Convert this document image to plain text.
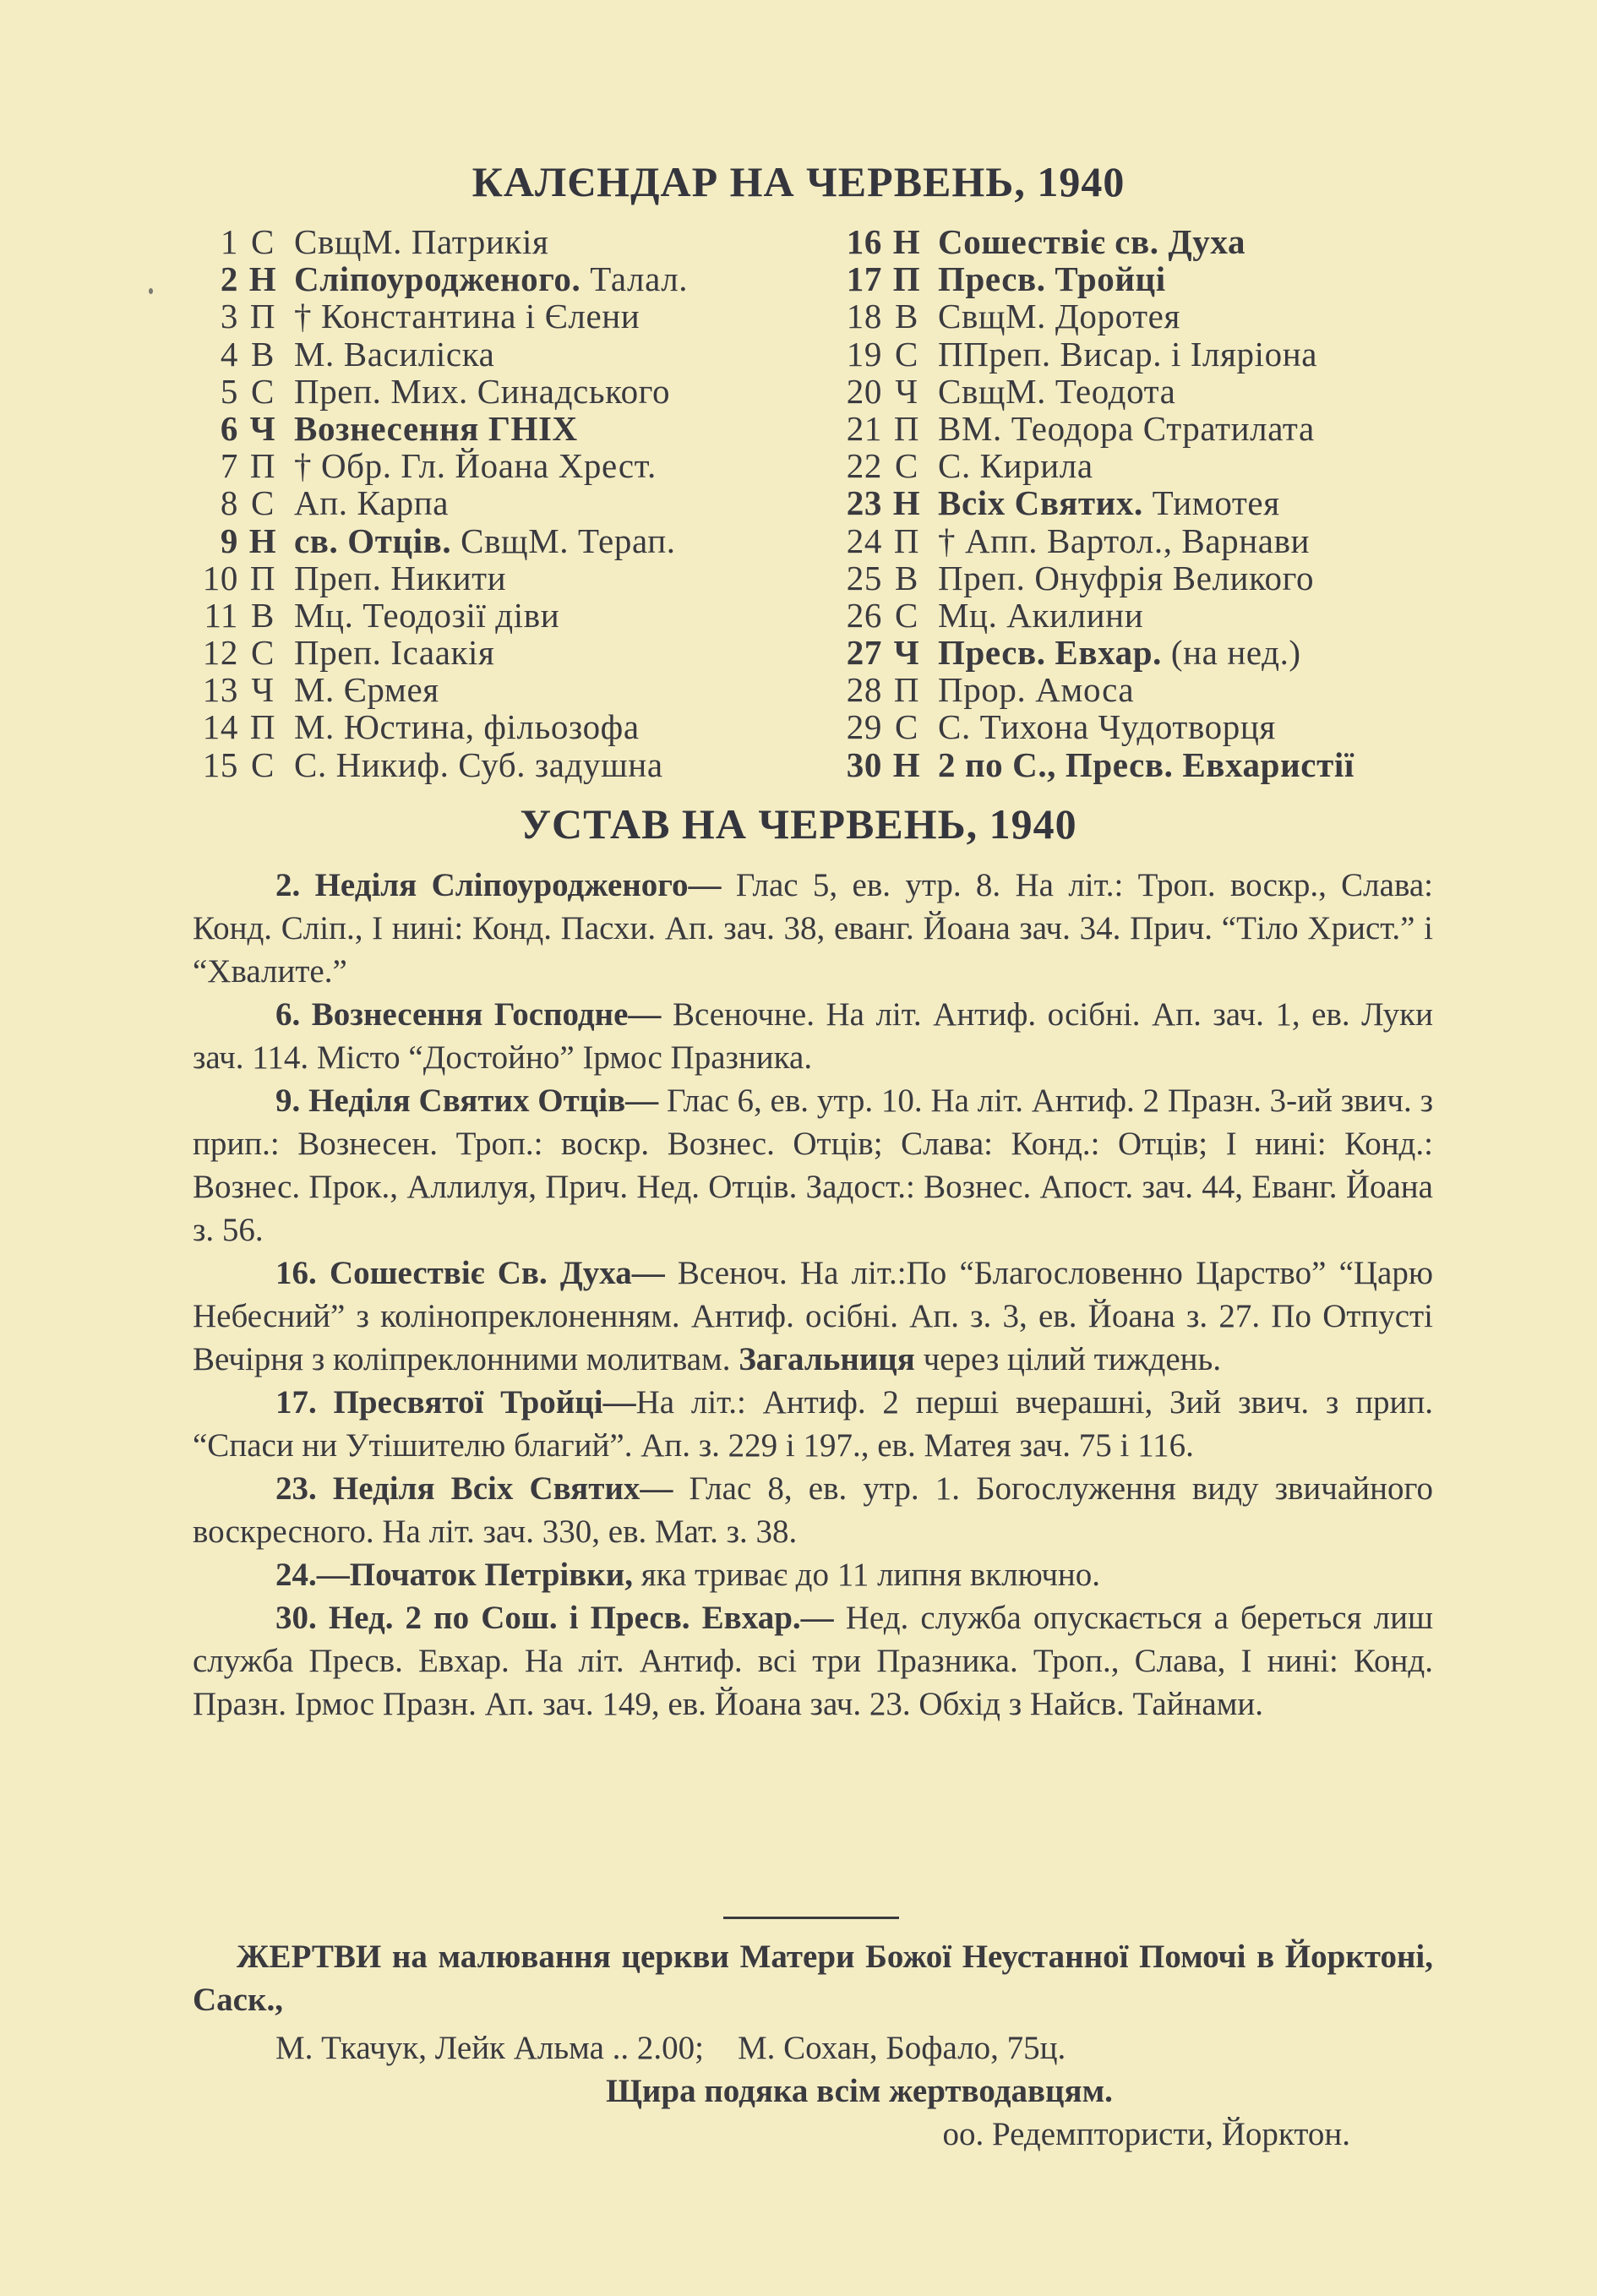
КАЛЄНДАР НА ЧЕРВЕНЬ, 1940
1 С СвщМ. Патрикія
2 Н Сліпоуродженого. Талал.
3 П † Константина і Єлени
4 В М. Василіска
5 С Преп. Мих. Синадського
6 Ч Вознесення ГНІХ
7 П † Обр. Гл. Йоана Хрест.
8 С Ап. Карпа
9 Н св. Отців. СвщМ. Терап.
10 П Преп. Никити
11 В Мц. Теодозії діви
12 С Преп. Ісаакія
13 Ч М. Єрмея
14 П М. Юстина, фільозофа
15 С С. Никиф. Суб. задушна
16 Н Сошествіє св. Духа
17 П Пресв. Тройці
18 В СвщМ. Доротея
19 С ППреп. Висар. і Іляріона
20 Ч СвщМ. Теодота
21 П ВМ. Теодора Стратилата
22 С С. Кирила
23 Н Всіх Святих. Тимотея
24 П † Апп. Вартол., Варнави
25 В Преп. Онуфрія Великого
26 С Мц. Акилини
27 Ч Пресв. Евхар. (на нед.)
28 П Прор. Амоса
29 С С. Тихона Чудотворця
30 Н 2 по С., Пресв. Евхаристії
УСТАВ НА ЧЕРВЕНЬ, 1940

2. Неділя Сліпоуродженого— Глас 5, ев. утр. 8. На літ.: Троп. воскр., Слава: Конд. Сліп., І нині: Конд. Пасхи. Ап. зач. 38, еванг. Йоана зач. 34. Прич. “Тіло Христ.” і “Хвалите.”

6. Вознесення Господне— Всеночне. На літ. Антиф. осібні. Ап. зач. 1, ев. Луки зач. 114. Місто “Достойно” Ірмос Празника.

9. Неділя Святих Отців— Глас 6, ев. утр. 10. На літ. Антиф. 2 Празн. 3-ий звич. з прип.: Вознесен. Троп.: воскр. Вознес. Отців; Слава: Конд.: Отців; І нині: Конд.: Вознес. Прок., Аллилуя, Прич. Нед. Отців. Задост.: Вознес. Апост. зач. 44, Еванг. Йоана з. 56.

16. Сошествіє Св. Духа— Всеноч. На літ.:По “Благословенно Царство” “Царю Небесний” з колінопреклоненням. Антиф. осібні. Ап. з. 3, ев. Йоана з. 27. По Отпусті Вечірня з коліпреклонними молитвам. Загальниця через цілий тиждень.

17. Пресвятої Тройці—На літ.: Антиф. 2 перші вчерашні, Зий звич. з прип. “Спаси ни Утішителю благий”. Ап. з. 229 і 197., ев. Матея зач. 75 і 116.

23. Неділя Всіх Святих— Глас 8, ев. утр. 1. Богослуження виду звичайного воскресного. На літ. зач. 330, ев. Мат. з. 38.

24.—Початок Петрівки, яка триває до 11 липня включно.

30. Нед. 2 по Сош. і Пресв. Евхар.— Нед. служба опускається а береться лиш служба Пресв. Евхар. На літ. Антиф. всі три Празника. Троп., Слава, І нині: Конд. Празн. Ірмос Празн. Ап. зач. 149, ев. Йоана зач. 23. Обхід з Найсв. Тайнами.

ЖЕРТВИ на малювання церкви Матери Божої Неустанної Помочі в Йорктоні, Саск.,
М. Ткачук, Лейк Альма .. 2.00; М. Сохан, Бофало, 75ц.
Щира подяка всім жертводавцям.
оо. Редемптористи, Йорктон.
